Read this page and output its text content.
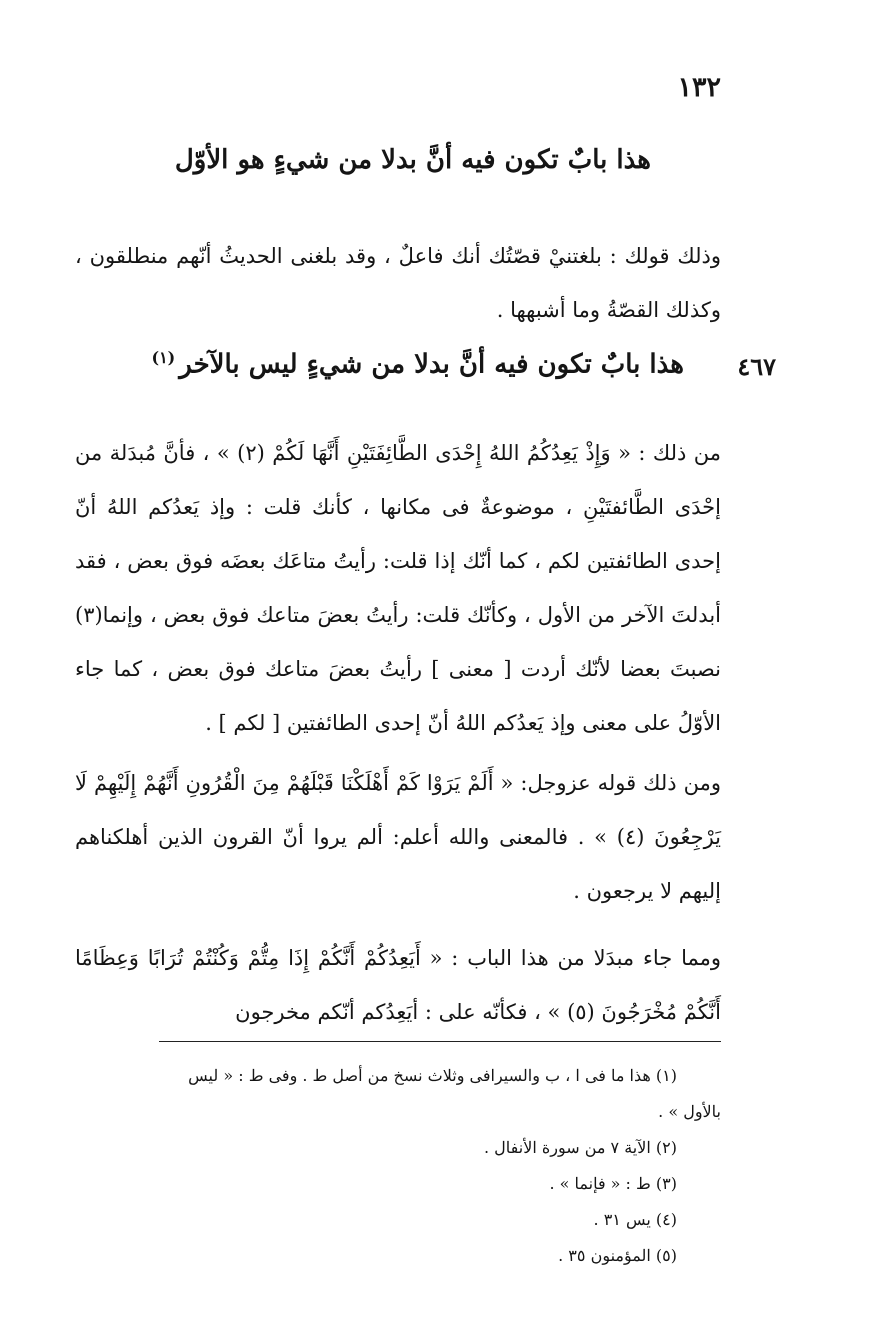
١٣٢
هذا بابٌ تكون فيه أنَّ بدلا من شيءٍ هو الأوّل

وذلك قولك : بلغتنيْ قصّتُك أنك فاعلٌ ، وقد بلغنى الحديثُ أنّهم منطلقون ، وكذلك القصّةُ وما أشبهها .

٤٦٧
هذا بابٌ تكون فيه أنَّ بدلا من شيءٍ ليس بالآخر$^{(١)}$

من ذلك : « وَإِذْ يَعِدُكُمُ اللهُ إِحْدَى الطَّائِفَتَيْنِ أَنَّهَا لَكُمْ (٢) » ، فأنَّ مُبدَلة من إحْدَى الطَّائفتَيْنِ ، موضوعةٌ فى مكانها ، كأنك قلت : وإذ يَعدُكم اللهُ أنّ إحدى الطائفتين لكم ، كما أنّك إذا قلت: رأيتُ متاعَك بعضَه فوق بعض ، فقد أبدلتَ الآخر من الأول ، وكأنّك قلت: رأيتُ بعضَ متاعك فوق بعض ، وإنما(٣) نصبتَ بعضا لأنّك أردت [ معنى ] رأيتُ بعضَ متاعك فوق بعض ، كما جاء الأوّلُ على معنى وإذ يَعدُكم اللهُ أنّ إحدى الطائفتين [ لكم ] .

ومن ذلك قوله عزوجل: « أَلَمْ يَرَوْا كَمْ أَهْلَكْنَا قَبْلَهُمْ مِنَ الْقُرُونِ أَنَّهُمْ إِلَيْهِمْ لَا يَرْجِعُونَ (٤) » . فالمعنى والله أعلم: ألم يروا أنّ القرون الذين أهلكناهم إليهم لا يرجعون .

ومما جاء مبدَلا من هذا الباب : « أَيَعِدُكُمْ أَنَّكُمْ إِذَا مِتُّمْ وَكُنْتُمْ تُرَابًا وَعِظَامًا أَنَّكُمْ مُخْرَجُونَ (٥) » ، فكأنّه على : أيَعِدُكم أنّكم مخرجون

(١) هذا ما فى ا ، ب والسيرافى وثلاث نسخ من أصل ط . وفى ط : « ليس
بالأول » .
(٢) الآية ٧ من سورة الأنفال .
(٣) ط : « فإنما » .
(٤) يس ٣١ .
(٥) المؤمنون ٣٥ .
